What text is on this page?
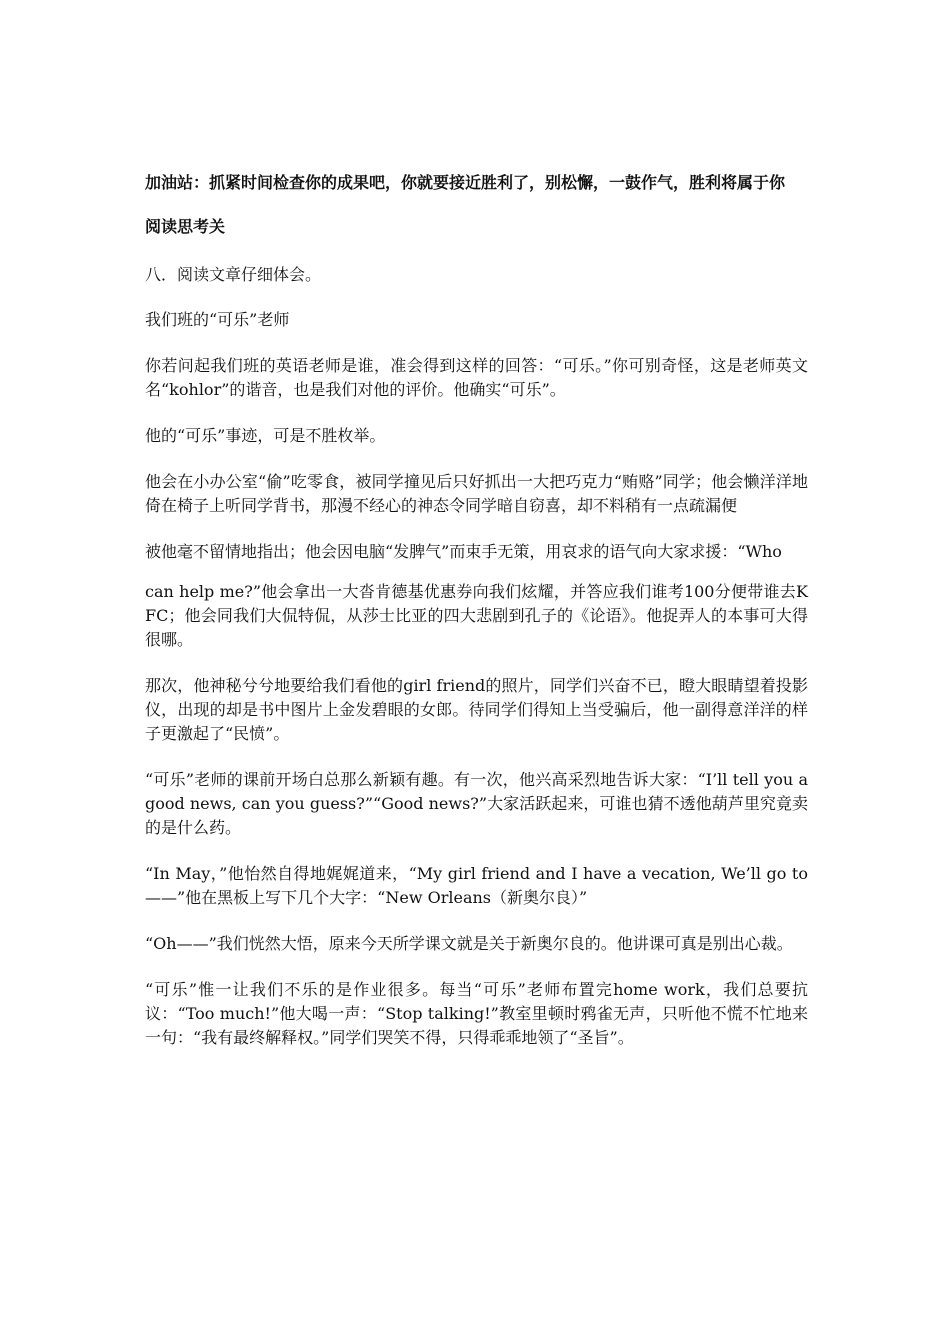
加油站：抓紧时间检查你的成果吧，你就要接近胜利了，别松懈，一鼓作气，胜利将属于你

阅读思考关

八．阅读文章仔细体会。

我们班的“可乐”老师

你若问起我们班的英语老师是谁，准会得到这样的回答：“可乐。”你可别奇怪，这是老师英文名“kohlor”的谐音，也是我们对他的评价。他确实“可乐”。

他的“可乐”事迹，可是不胜枚举。

他会在小办公室“偷”吃零食，被同学撞见后只好抓出一大把巧克力“贿赂”同学；他会懒洋洋地倚在椅子上听同学背书，那漫不经心的神态令同学暗自窃喜，却不料稍有一点疏漏便

被他毫不留情地指出；他会因电脑“发脾气”而束手无策，用哀求的语气向大家求援：“Who

can help me?”他会拿出一大沓肯德基优惠券向我们炫耀，并答应我们谁考100分便带谁去KFC；他会同我们大侃特侃，从莎士比亚的四大悲剧到孔子的《论语》。他捉弄人的本事可大得很哪。

那次，他神秘兮兮地要给我们看他的girl friend的照片，同学们兴奋不已，瞪大眼睛望着投影仪，出现的却是书中图片上金发碧眼的女郎。待同学们得知上当受骗后，他一副得意洋洋的样子更激起了“民愤”。

“可乐”老师的课前开场白总那么新颖有趣。有一次，他兴高采烈地告诉大家：“I’ll tell you a good news, can you guess?”“Good news?”大家活跃起来，可谁也猜不透他葫芦里究竟卖的是什么药。

“In May，”他怡然自得地娓娓道来，“My girl friend and I have a vecation, We’ll go to ——”他在黑板上写下几个大字：“New Orleans（新奥尔良）”

“Oh——”我们恍然大悟，原来今天所学课文就是关于新奥尔良的。他讲课可真是别出心裁。

“可乐”惟一让我们不乐的是作业很多。每当“可乐”老师布置完home work，我们总要抗议：“Too much!”他大喝一声：“Stop talking!”教室里顿时鸦雀无声，只听他不慌不忙地来一句：“我有最终解释权。”同学们哭笑不得，只得乖乖地领了“圣旨”。
